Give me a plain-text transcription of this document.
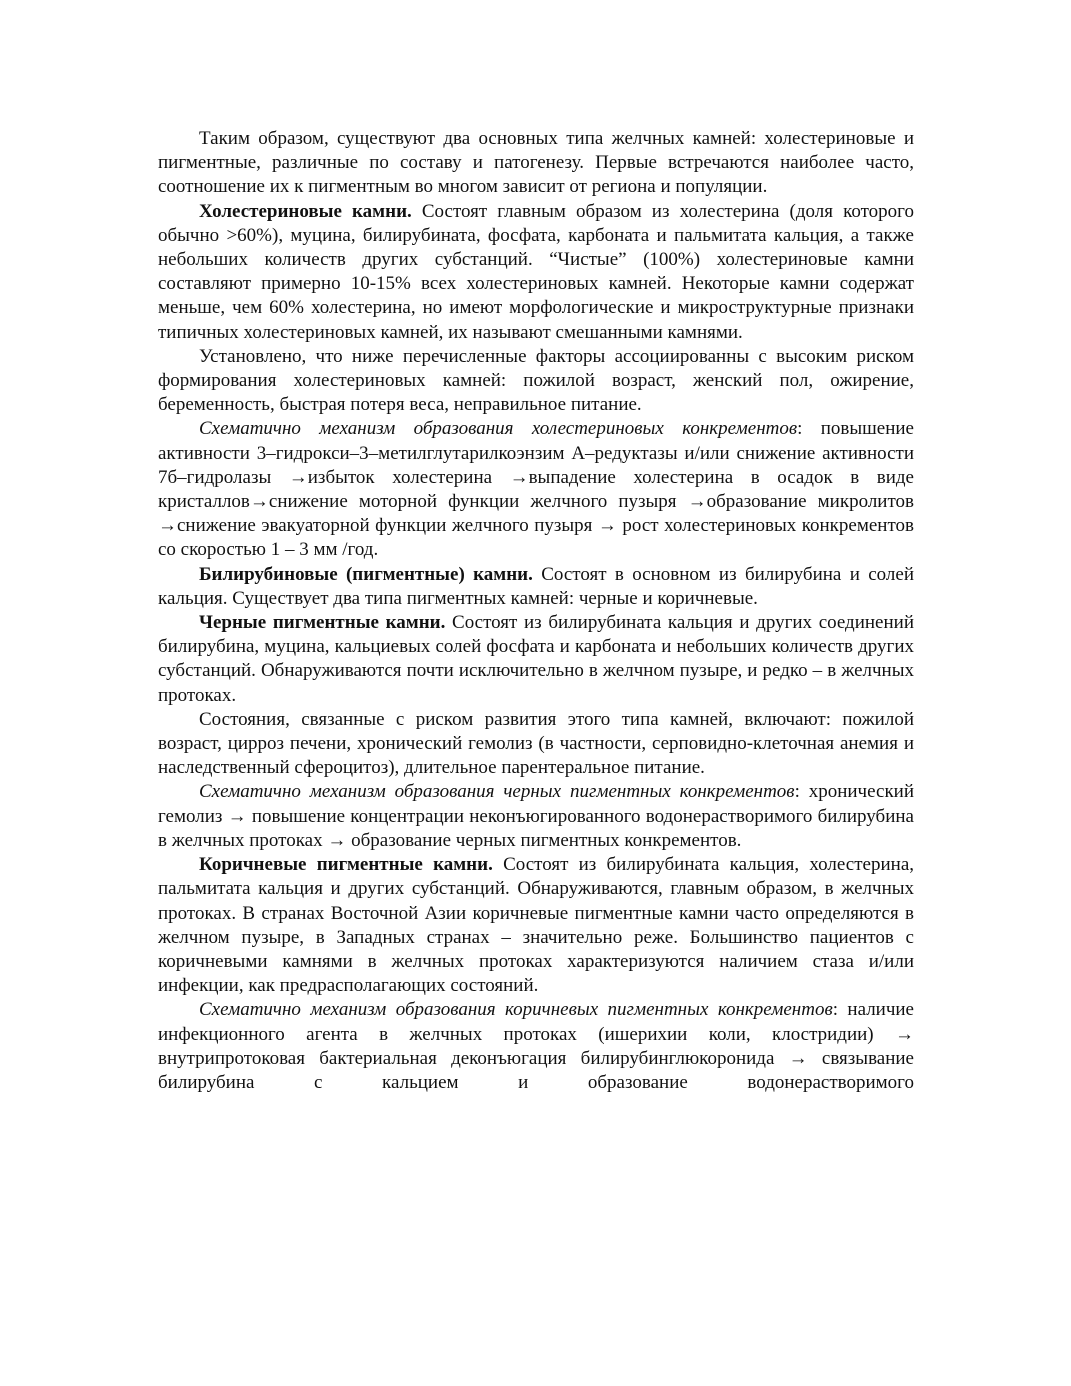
Таким образом, существуют два основных типа желчных камней: холестериновые и пигментные, различные по составу и патогенезу. Первые встречаются наиболее часто, соотношение их к пигментным во многом зависит от региона и популяции.

Холестериновые камни. Состоят главным образом из холестерина (доля которого обычно >60%), муцина, билирубината, фосфата, карбоната и пальмитата кальция, а также небольших количеств других субстанций. “Чистые” (100%) холестериновые камни составляют примерно 10-15% всех холестериновых камней. Некоторые камни содержат меньше, чем 60% холестерина, но имеют морфологические и микроструктурные признаки типичных холестериновых камней, их называют смешанными камнями.

Установлено, что ниже перечисленные факторы ассоциированны с высоким риском формирования холестериновых камней: пожилой возраст, женский пол, ожирение, беременность, быстрая потеря веса, неправильное питание.

Схематично механизм образования холестериновых конкрементов: повышение активности 3–гидрокси–3–метилглутарилкоэнзим А–редуктазы и/или снижение активности 7б–гидролазы →избыток холестерина →выпадение холестерина в осадок в виде кристаллов→снижение моторной функции желчного пузыря →образование микролитов →снижение эвакуаторной функции желчного пузыря → рост холестериновых конкрементов со скоростью 1 – 3 мм /год.

Билирубиновые (пигментные) камни. Состоят в основном из билирубина и солей кальция. Существует два типа пигментных камней: черные и коричневые.

Черные пигментные камни. Состоят из билирубината кальция и других соединений билирубина, муцина, кальциевых солей фосфата и карбоната и небольших количеств других субстанций. Обнаруживаются почти исключительно в желчном пузыре, и редко – в желчных протоках.

Состояния, связанные с риском развития этого типа камней, включают: пожилой возраст, цирроз печени, хронический гемолиз (в частности, серповидно-клеточная анемия и наследственный сфероцитоз), длительное парентеральное питание.

Схематично механизм образования черных пигментных конкрементов: хронический гемолиз → повышение концентрации неконъюгированного водонерастворимого билирубина в желчных протоках → образование черных пигментных конкрементов.

Коричневые пигментные камни. Состоят из билирубината кальция, холестерина, пальмитата кальция и других субстанций. Обнаруживаются, главным образом, в желчных протоках. В странах Восточной Азии коричневые пигментные камни часто определяются в желчном пузыре, в Западных странах – значительно реже. Большинство пациентов с коричневыми камнями в желчных протоках характеризуются наличием стаза и/или инфекции, как предрасполагающих состояний.

Схематично механизм образования коричневых пигментных конкрементов: наличие инфекционного агента в желчных протоках (ишерихии коли, клостридии) → внутрипротоковая бактериальная деконъюгация билирубинглюкоронида → связывание билирубина с кальцием и образование водонерастворимого
